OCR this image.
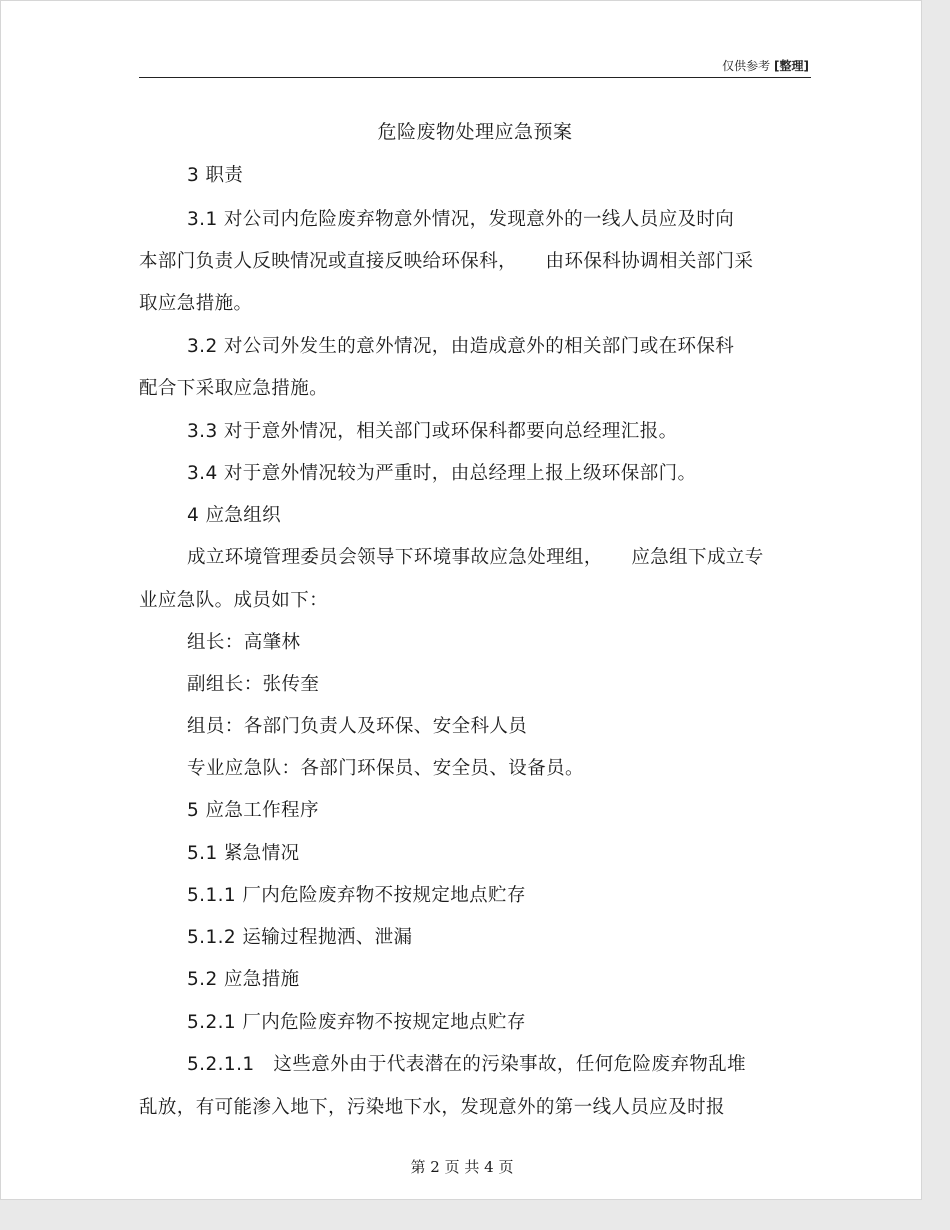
仅供参考 [整理]
危险废物处理应急预案
3 职责
3.1 对公司内危险废弃物意外情况，发现意外的一线人员应及时向
本部门负责人反映情况或直接反映给环保科，　　由环保科协调相关部门采
取应急措施。
3.2 对公司外发生的意外情况，由造成意外的相关部门或在环保科
配合下采取应急措施。
3.3 对于意外情况，相关部门或环保科都要向总经理汇报。
3.4 对于意外情况较为严重时，由总经理上报上级环保部门。
4 应急组织
成立环境管理委员会领导下环境事故应急处理组，　　应急组下成立专
业应急队。成员如下：
组长：高肇林
副组长：张传奎
组员：各部门负责人及环保、安全科人员
专业应急队：各部门环保员、安全员、设备员。
5 应急工作程序
5.1 紧急情况
5.1.1 厂内危险废弃物不按规定地点贮存
5.1.2 运输过程抛洒、泄漏
5.2 应急措施
5.2.1 厂内危险废弃物不按规定地点贮存
5.2.1.1　这些意外由于代表潜在的污染事故，任何危险废弃物乱堆
乱放，有可能渗入地下，污染地下水，发现意外的第一线人员应及时报
第 2 页 共 4 页
